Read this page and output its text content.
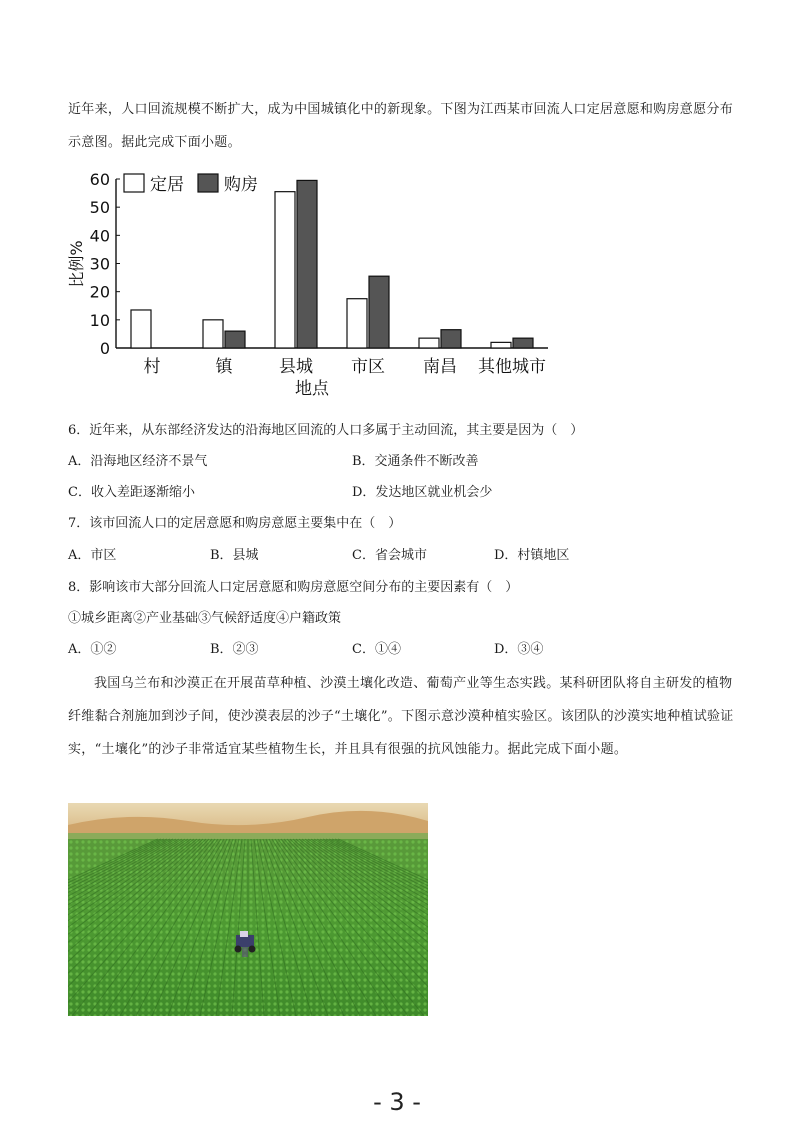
近年来，人口回流规模不断扩大，成为中国城镇化中的新现象。下图为江西某市回流人口定居意愿和购房意愿分布示意图。据此完成下面小题。
0
10
20
30
40
50
60
村	镇	县城 市区 南昌 其他城市
定居 购房
地点
比例%
6．近年来，从东部经济发达的沿海地区回流的人口多属于主动回流，其主要是因为（　）
A．沿海地区经济不景气	B．交通条件不断改善
C．收入差距逐渐缩小	D．发达地区就业机会少
7．该市回流人口的定居意愿和购房意愿主要集中在（　）
A．市区	B．县城	C．省会城市	D．村镇地区
8．影响该市大部分回流人口定居意愿和购房意愿空间分布的主要因素有（　）
①城乡距离②产业基础③气候舒适度④户籍政策
A．①②	B．②③	C．①④	D．③④
我国乌兰布和沙漠正在开展苗草种植、沙漠土壤化改造、葡萄产业等生态实践。某科研团队将自主研发的植物纤维黏合剂施加到沙子间，使沙漠表层的沙子“土壤化”。下图示意沙漠种植实验区。该团队的沙漠实地种植试验证实，“土壤化”的沙子非常适宜某些植物生长，并且具有很强的抗风蚀能力。据此完成下面小题。
- 3 -
